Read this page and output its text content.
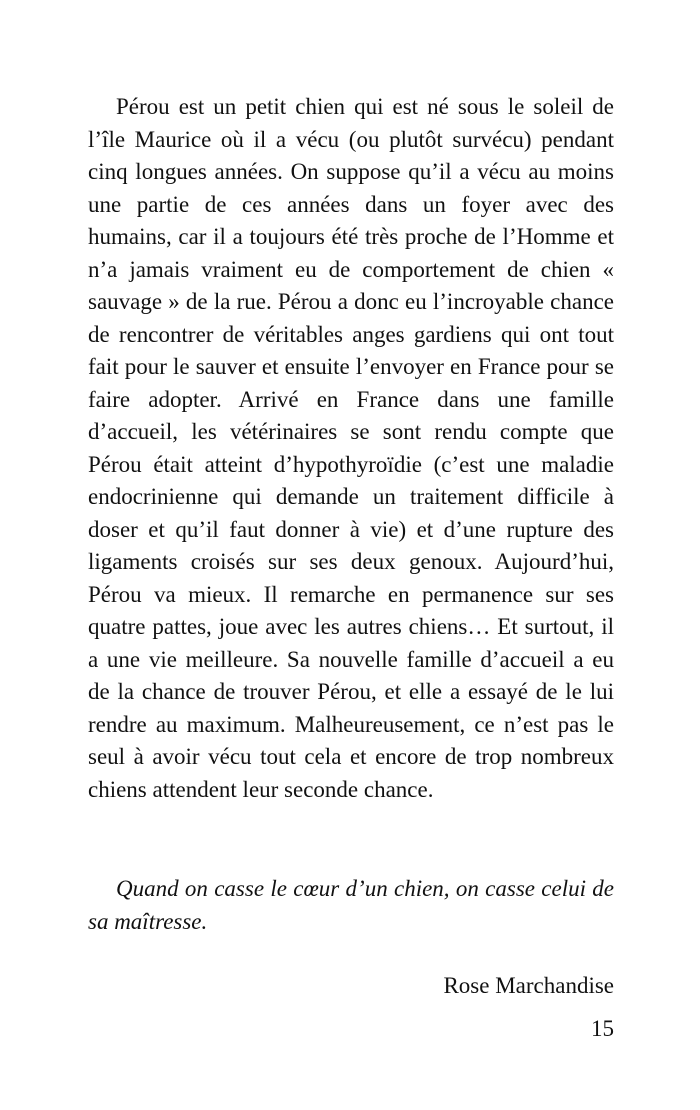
Pérou est un petit chien qui est né sous le soleil de l’île Maurice où il a vécu (ou plutôt survécu) pendant cinq longues années. On suppose qu’il a vécu au moins une partie de ces années dans un foyer avec des humains, car il a toujours été très proche de l’Homme et n’a jamais vraiment eu de comportement de chien « sauvage » de la rue. Pérou a donc eu l’incroyable chance de rencontrer de véritables anges gardiens qui ont tout fait pour le sauver et ensuite l’envoyer en France pour se faire adopter. Arrivé en France dans une famille d’accueil, les vétérinaires se sont rendu compte que Pérou était atteint d’hypothyroïdie (c’est une maladie endocrinienne qui demande un traitement difficile à doser et qu’il faut donner à vie) et d’une rupture des ligaments croisés sur ses deux genoux. Aujourd’hui, Pérou va mieux. Il remarche en permanence sur ses quatre pattes, joue avec les autres chiens… Et surtout, il a une vie meilleure. Sa nouvelle famille d’accueil a eu de la chance de trouver Pérou, et elle a essayé de le lui rendre au maximum. Malheureusement, ce n’est pas le seul à avoir vécu tout cela et encore de trop nombreux chiens attendent leur seconde chance.

Quand on casse le cœur d’un chien, on casse celui de sa maîtresse.

Rose Marchandise

15
